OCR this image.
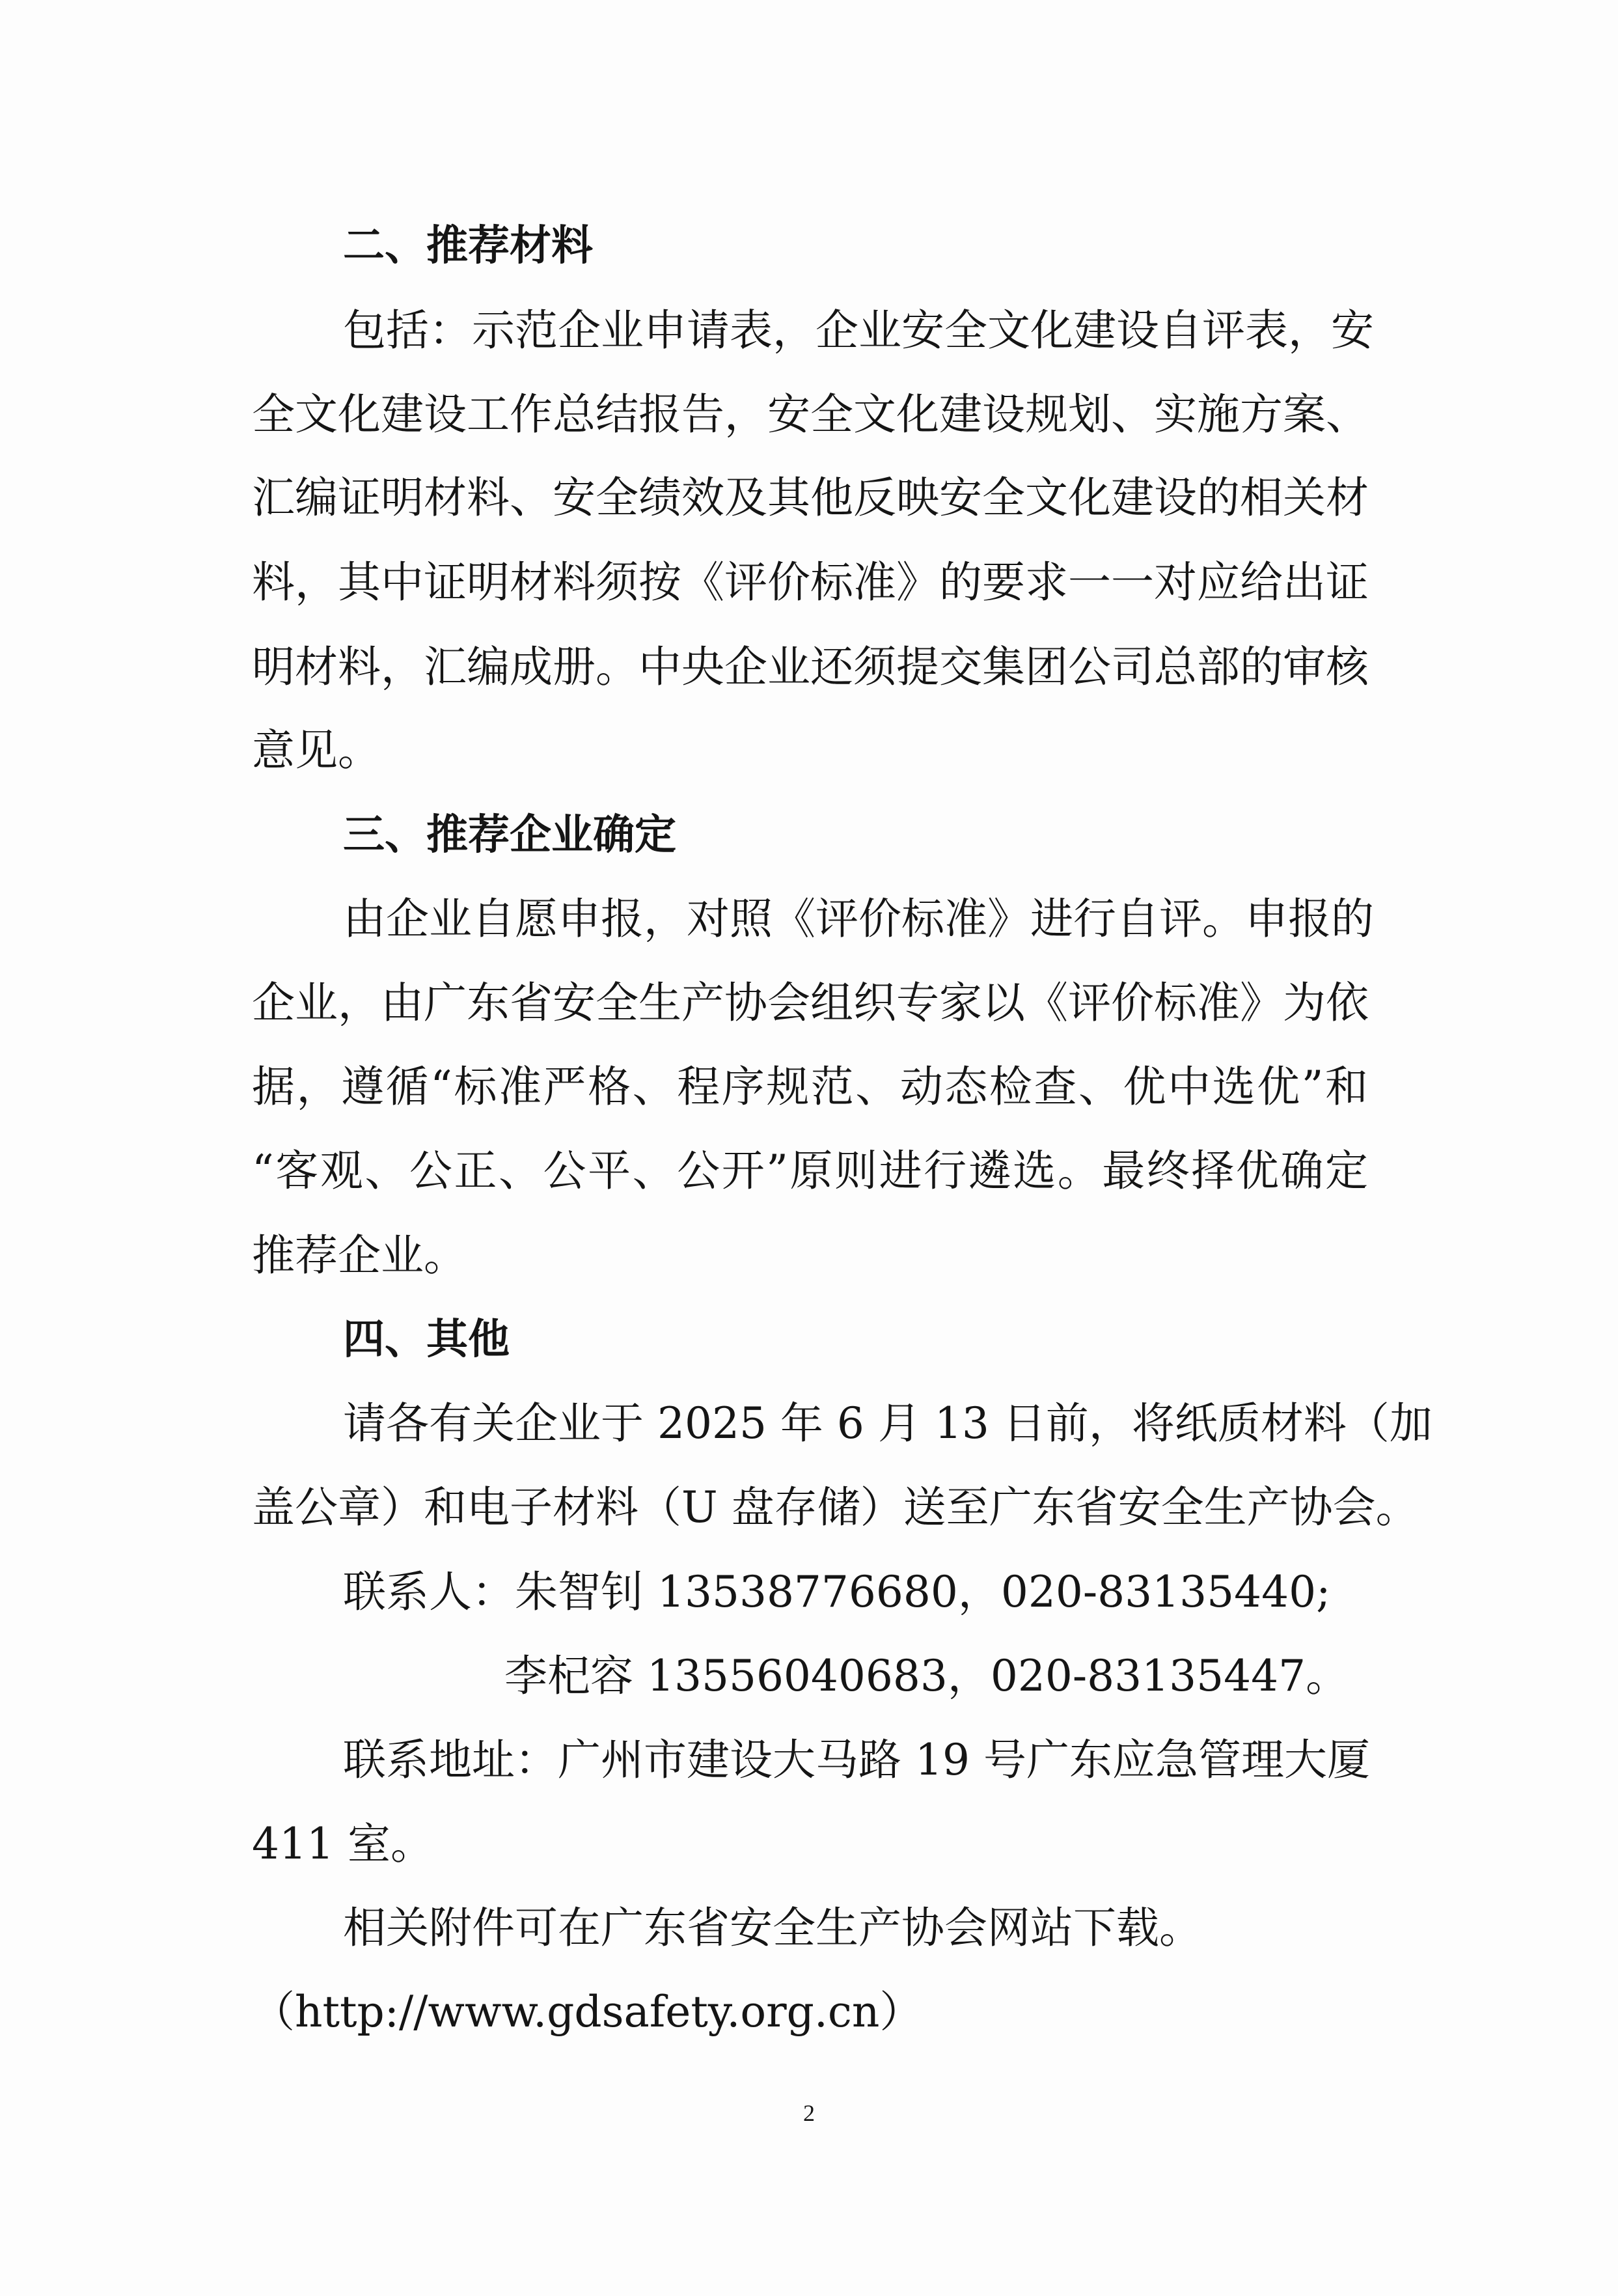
二、推荐材料
包括：示范企业申请表，企业安全文化建设自评表，安
全文化建设工作总结报告，安全文化建设规划、实施方案、
汇编证明材料、安全绩效及其他反映安全文化建设的相关材
料，其中证明材料须按《评价标准》的要求一一对应给出证
明材料，汇编成册。中央企业还须提交集团公司总部的审核
意见。
三、推荐企业确定
由企业自愿申报，对照《评价标准》进行自评。申报的
企业，由广东省安全生产协会组织专家以《评价标准》为依
据，遵循“标准严格、程序规范、动态检查、优中选优”和
“客观、公正、公平、公开”原则进行遴选。最终择优确定
推荐企业。
四、其他
请各有关企业于 2025 年 6 月 13 日前，将纸质材料（加
盖公章）和电子材料（U 盘存储）送至广东省安全生产协会。
联系人：朱智钊 13538776680，020-83135440;
李杞容 13556040683，020-83135447。
联系地址：广州市建设大马路 19 号广东应急管理大厦
411 室。
相关附件可在广东省安全生产协会网站下载。
（http://www.gdsafety.org.cn）
2
